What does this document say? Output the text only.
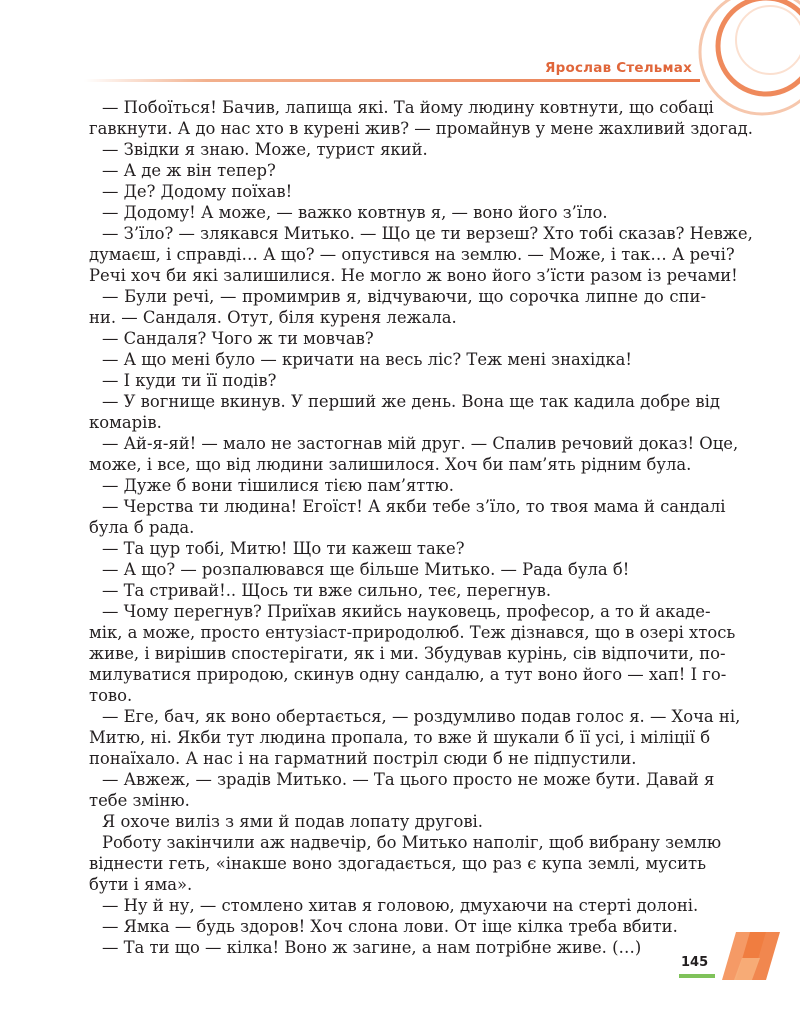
Ярослав Стельмах
— Побоїться! Бачив, лапища які. Та йому людину ковтнути, що собаці
гавкнути. А до нас хто в курені жив? — промайнув у мене жахливий здогад.
— Звідки я знаю. Може, турист який.
— А де ж він тепер?
— Де? Додому поїхав!
— Додому! А може, — важко ковтнув я, — воно його з’їло.
— З’їло? — злякався Митько. — Що це ти верзеш? Хто тобі сказав? Невже,
думаєш, і справді… А що? — опустився на землю. — Може, і так… А речі?
Речі хоч би які залишилися. Не могло ж воно його з’їсти разом із речами!
— Були речі, — промимрив я, відчуваючи, що сорочка липне до спи-
ни. — Сандаля. Отут, біля куреня лежала.
— Сандаля? Чого ж ти мовчав?
— А що мені було — кричати на весь ліс? Теж мені знахідка!
— І куди ти її подів?
— У вогнище вкинув. У перший же день. Вона ще так кадила добре від
комарів.
— Ай-я-яй! — мало не застогнав мій друг. — Спалив речовий доказ! Оце,
може, і все, що від людини залишилося. Хоч би пам’ять рідним була.
— Дуже б вони тішилися тією пам’яттю.
— Черства ти людина! Егоїст! А якби тебе з’їло, то твоя мама й сандалі
була б рада.
— Та цур тобі, Митю! Що ти кажеш таке?
— А що? — розпалювався ще більше Митько. — Рада була б!
— Та стривай!.. Щось ти вже сильно, теє, перегнув.
— Чому перегнув? Приїхав якийсь науковець, професор, а то й акаде-
мік, а може, просто ентузіаст-природолюб. Теж дізнався, що в озері хтось
живе, і вирішив спостерігати, як і ми. Збудував курінь, сів відпочити, по-
милуватися природою, скинув одну сандалю, а тут воно його — хап! І го-
тово.
— Еге, бач, як воно обертається, — роздумливо подав голос я. — Хоча ні,
Митю, ні. Якби тут людина пропала, то вже й шукали б її усі, і міліції б
понаїхало. А нас і на гарматний постріл сюди б не підпустили.
— Авжеж, — зрадів Митько. — Та цього просто не може бути. Давай я
тебе зміню.
Я охоче виліз з ями й подав лопату другові.
Роботу закінчили аж надвечір, бо Митько наполіг, щоб вибрану землю
віднести геть, «інакше воно здогадається, що раз є купа землі, мусить
бути і яма».
— Ну й ну, — стомлено хитав я головою, дмухаючи на стерті долоні.
— Ямка — будь здоров! Хоч слона лови. От іще кілка треба вбити.
— Та ти що — кілка! Воно ж загине, а нам потрібне живе. (…)
145
